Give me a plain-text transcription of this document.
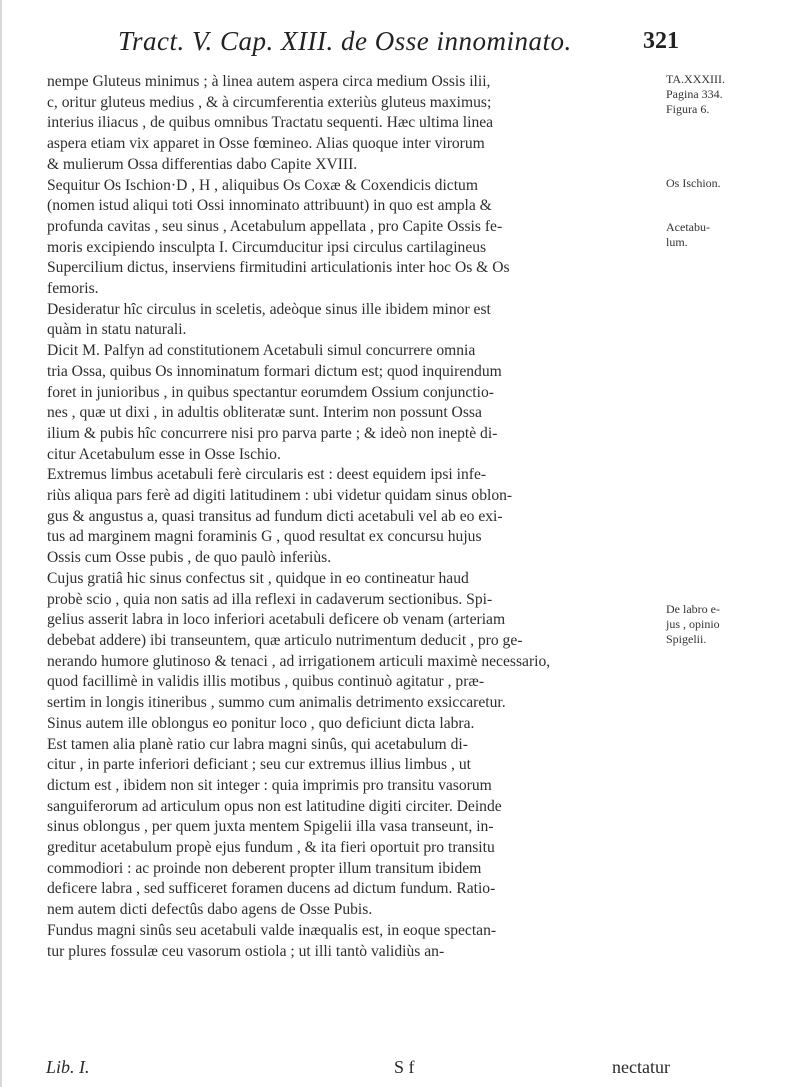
Tract. V. Cap. XIII. de Osse innominato.	321
nempe Gluteus minimus ; à linea autem aspera circa medium Ossis ilii,
c, oritur gluteus medius , & à circumferentia exteriùs gluteus maximus;
interius iliacus , de quibus omnibus Tractatu sequenti. Hæc ultima linea
aspera etiam vix apparet in Osse fœmineo. Alias quoque inter virorum
& mulierum Ossa differentias dabo Capite XVIII.
Sequitur Os Ischion·D , H , aliquibus Os Coxæ & Coxendicis dictum
(nomen istud aliqui toti Ossi innominato attribuunt) in quo est ampla &
profunda cavitas , seu sinus , Acetabulum appellata , pro Capite Ossis fe-
moris excipiendo insculpta I. Circumducitur ipsi circulus cartilagineus
Supercilium dictus, inserviens firmitudini articulationis inter hoc Os & Os
femoris.
Desideratur hîc circulus in sceletis, adeòque sinus ille ibidem minor est
quàm in statu naturali.
Dicit M. Palfyn ad constitutionem Acetabuli simul concurrere omnia
tria Ossa, quibus Os innominatum formari dictum est; quod inquirendum
foret in junioribus , in quibus spectantur eorumdem Ossium conjunctio-
nes , quæ ut dixi , in adultis obliteratæ sunt. Interim non possunt Ossa
ilium & pubis hîc concurrere nisi pro parva parte ; & ideò non ineptè di-
citur Acetabulum esse in Osse Ischio.
Extremus limbus acetabuli ferè circularis est : deest equidem ipsi infe-
riùs aliqua pars ferè ad digiti latitudinem : ubi videtur quidam sinus oblon-
gus & angustus a, quasi transitus ad fundum dicti acetabuli vel ab eo exi-
tus ad marginem magni foraminis G , quod resultat ex concursu hujus
Ossis cum Osse pubis , de quo paulò inferiùs.
Cujus gratiâ hic sinus confectus sit , quidque in eo contineatur haud
probè scio , quia non satis ad illa reflexi in cadaverum sectionibus. Spi-
gelius asserit labra in loco inferiori acetabuli deficere ob venam (arteriam
debebat addere) ibi transeuntem, quæ articulo nutrimentum deducit , pro ge-
nerando humore glutinoso & tenaci , ad irrigationem articuli maximè necessario,
quod facillimè in validis illis motibus , quibus continuò agitatur , præ-
sertim in longis itineribus , summo cum animalis detrimento exsiccaretur.
Sinus autem ille oblongus eo ponitur loco , quo deficiunt dicta labra.
Est tamen alia planè ratio cur labra magni sinûs, qui acetabulum di-
citur , in parte inferiori deficiant ; seu cur extremus illius limbus , ut
dictum est , ibidem non sit integer : quia imprimis pro transitu vasorum
sanguiferorum ad articulum opus non est latitudine digiti circiter. Deinde
sinus oblongus , per quem juxta mentem Spigelii illa vasa transeunt, in-
greditur acetabulum propè ejus fundum , & ita fieri oportuit pro transitu
commodiori : ac proinde non deberent propter illum transitum ibidem
deficere labra , sed sufficeret foramen ducens ad dictum fundum. Ratio-
nem autem dicti defectûs dabo agens de Osse Pubis.
Fundus magni sinûs seu acetabuli valde inæqualis est, in eoque spectan-
tur plures fossulæ ceu vasorum ostiola ; ut illi tantò validiùs an-
TA.XXXIII.
Pagina 334.
Figura 6.
Os Ischion.
Acetabu-
lum.
De labro e-
jus , opinio
Spigelii.
Lib. I.	S f	nectatur
